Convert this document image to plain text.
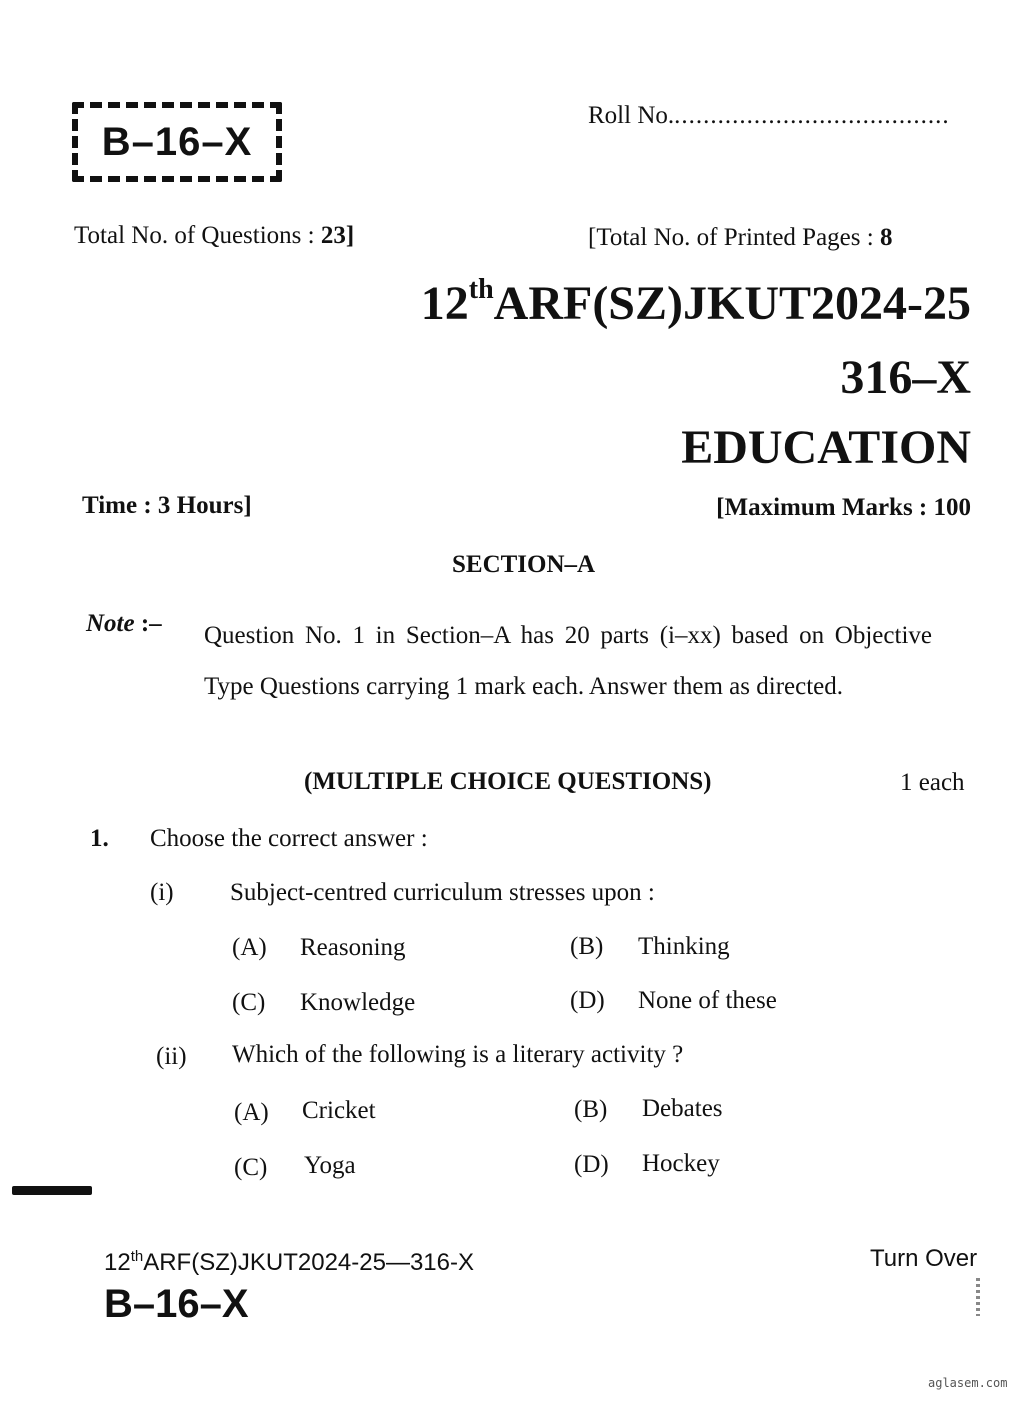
B–16–X
Roll No.......................................
Total No. of Questions : 23]	[Total No. of Printed Pages : 8
12thARF(SZ)JKUT2024-25
316–X
EDUCATION
Time : 3 Hours]	[Maximum Marks : 100
SECTION–A
Note :– Question No. 1 in Section–A has 20 parts (i–xx) based on Objective Type Questions carrying 1 mark each. Answer them as directed.
(MULTIPLE CHOICE QUESTIONS)	1 each
1. Choose the correct answer :
(i) Subject-centred curriculum stresses upon :
(A) Reasoning	(B) Thinking
(C) Knowledge	(D) None of these
(ii) Which of the following is a literary activity ?
(A) Cricket	(B) Debates
(C) Yoga	(D) Hockey
12thARF(SZ)JKUT2024-25—316-X
B–16–X
Turn Over
aglasem.com
